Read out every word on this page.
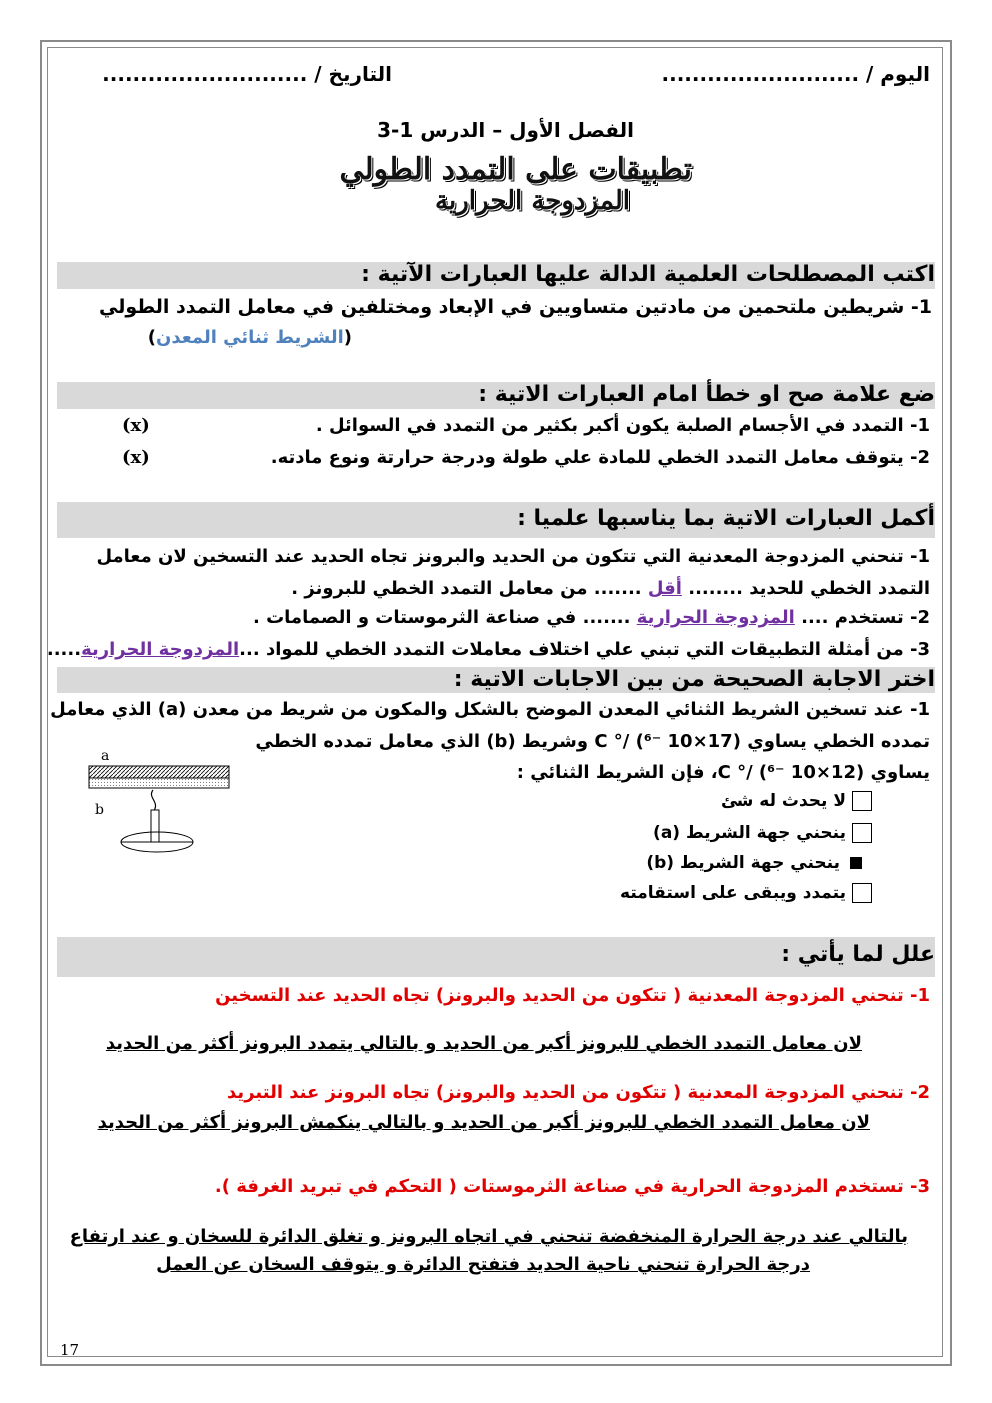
اليوم / ..........................
التاريخ / ...........................
الفصل الأول – الدرس 1-3
تطبيقات على التمدد الطولي
المزدوجة الحرارية
اكتب المصطلحات العلمية الدالة عليها العبارات الآتية :
1- شريطين ملتحمين من مادتين متساويين في الإبعاد ومختلفين في معامل التمدد الطولي
(الشريط ثنائي المعدن)
ضع علامة صح او خطأ امام العبارات الاتية :
1- التمدد في الأجسام الصلبة يكون أكبر بكثير من التمدد في السوائل .
(x)
2- يتوقف معامل التمدد الخطي للمادة علي طولة ودرجة حرارتة ونوع مادته.
(x)
أكمل العبارات الاتية بما يناسبها علميا :
1- تنحني المزدوجة المعدنية التي تتكون من الحديد والبرونز تجاه الحديد عند التسخين لان معامل
التمدد الخطي للحديد ........ أقل ....... من معامل التمدد الخطي للبرونز .
2- تستخدم .... المزدوجة الحرارية ....... في صناعة الثرموستات و الصمامات .
3- من أمثلة التطبيقات التي تبني علي اختلاف معاملات التمدد الخطي للمواد ...المزدوجة الحرارية.....
اختر الاجابة الصحيحة من بين الاجابات الاتية :
1- عند تسخين الشريط الثنائي المعدن الموضح بالشكل والمكون من شريط من معدن (a) الذي معامل
تمدده الخطي يساوي C °/ (⁶⁻ 10×17) وشريط (b) الذي معامل تمدده الخطي
يساوي C °/ (⁶⁻ 10×12)، فإن الشريط الثنائي :
a
b	لا يحدث له شئ
ينحني جهة الشريط (a)
ينحني جهة الشريط (b)
يتمدد ويبقى على استقامته
علل لما يأتي :
1- تنحني المزدوجة المعدنية ( تتكون من الحديد والبرونز) تجاه الحديد عند التسخين
لان معامل التمدد الخطي للبرونز أكبر من الحديد و بالتالي يتمدد البرونز أكثر من الحديد
2- تنحني المزدوجة المعدنية ( تتكون من الحديد والبرونز) تجاه البرونز عند التبريد
لان معامل التمدد الخطي للبرونز أكبر من الحديد و بالتالي ينكمش البرونز أكثر من الحديد
3- تستخدم المزدوجة الحرارية في صناعة الثرموستات ( التحكم في تبريد الغرفة ).
بالتالي عند درجة الحرارة المنخفضة تنحني في اتجاه البرونز و تغلق الدائرة للسخان و عند ارتفاع
درجة الحرارة تنحني ناحية الحديد فتفتح الدائرة و يتوقف السخان عن العمل
17
